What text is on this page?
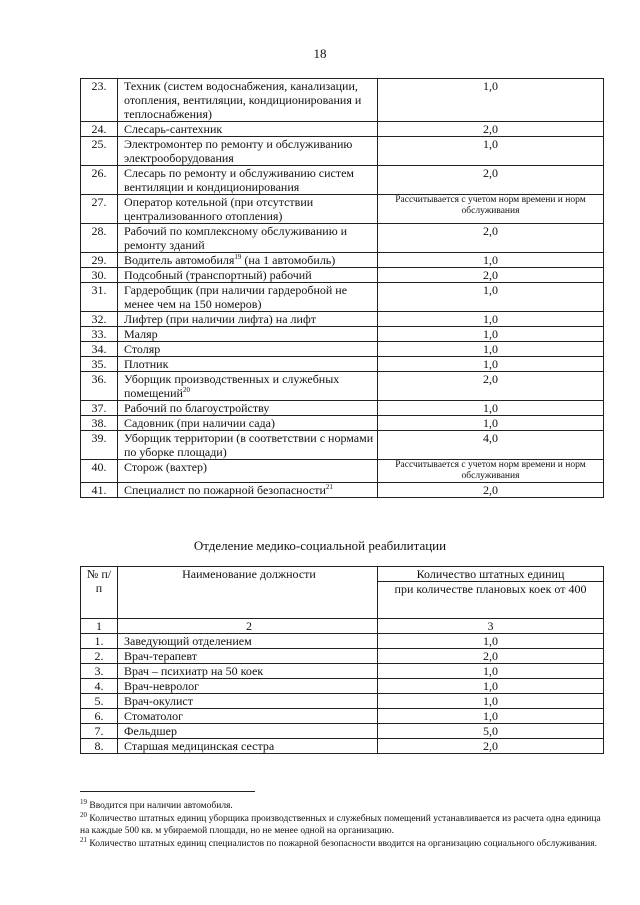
18
23.	Техник (систем водоснабжения, канализации, отопления, вентиляции, кондиционирования и теплоснабжения)	1,0
24.	Слесарь-сантехник	2,0
25.	Электромонтер по ремонту и обслуживанию электрооборудования	1,0
26.	Слесарь по ремонту и обслуживанию систем вентиляции и кондиционирования	2,0
27.	Оператор котельной (при отсутствии централизованного отопления)	Рассчитывается с учетом норм времени и норм обслуживания
28.	Рабочий по комплексному обслуживанию и ремонту зданий	2,0
29.	Водитель автомобиля$^{19}$ (на 1 автомобиль)	1,0
30.	Подсобный (транспортный) рабочий	2,0
31.	Гардеробщик (при наличии гардеробной не менее чем на 150 номеров)	1,0
32.	Лифтер (при наличии лифта) на лифт	1,0
33.	Маляр	1,0
34.	Столяр	1,0
35.	Плотник	1,0
36.	Уборщик производственных и служебных помещений$^{20}$	2,0
37.	Рабочий по благоустройству	1,0
38.	Садовник (при наличии сада)	1,0
39.	Уборщик территории (в соответствии с нормами по уборке площади)	4,0
40.	Сторож (вахтер)	Рассчитывается с учетом норм времени и норм обслуживания
41.	Специалист по пожарной безопасности$^{21}$	2,0
Отделение медико-социальной реабилитации
№ п/п	Наименование должности	Количество штатных единиц
		при количестве плановых коек от 400
1	2	3
1.	Заведующий отделением	1,0
2.	Врач-терапевт	2,0
3.	Врач – психиатр на 50 коек	1,0
4.	Врач-невролог	1,0
5.	Врач-окулист	1,0
6.	Стоматолог	1,0
7.	Фельдшер	5,0
8.	Старшая медицинская сестра	2,0
$^{19}$ Вводится при наличии автомобиля.
$^{20}$ Количество штатных единиц уборщика производственных и служебных помещений устанавливается из расчета одна единица на каждые 500 кв. м убираемой площади, но не менее одной на организацию.
$^{21}$ Количество штатных единиц специалистов по пожарной безопасности вводится на организацию социального обслуживания.
